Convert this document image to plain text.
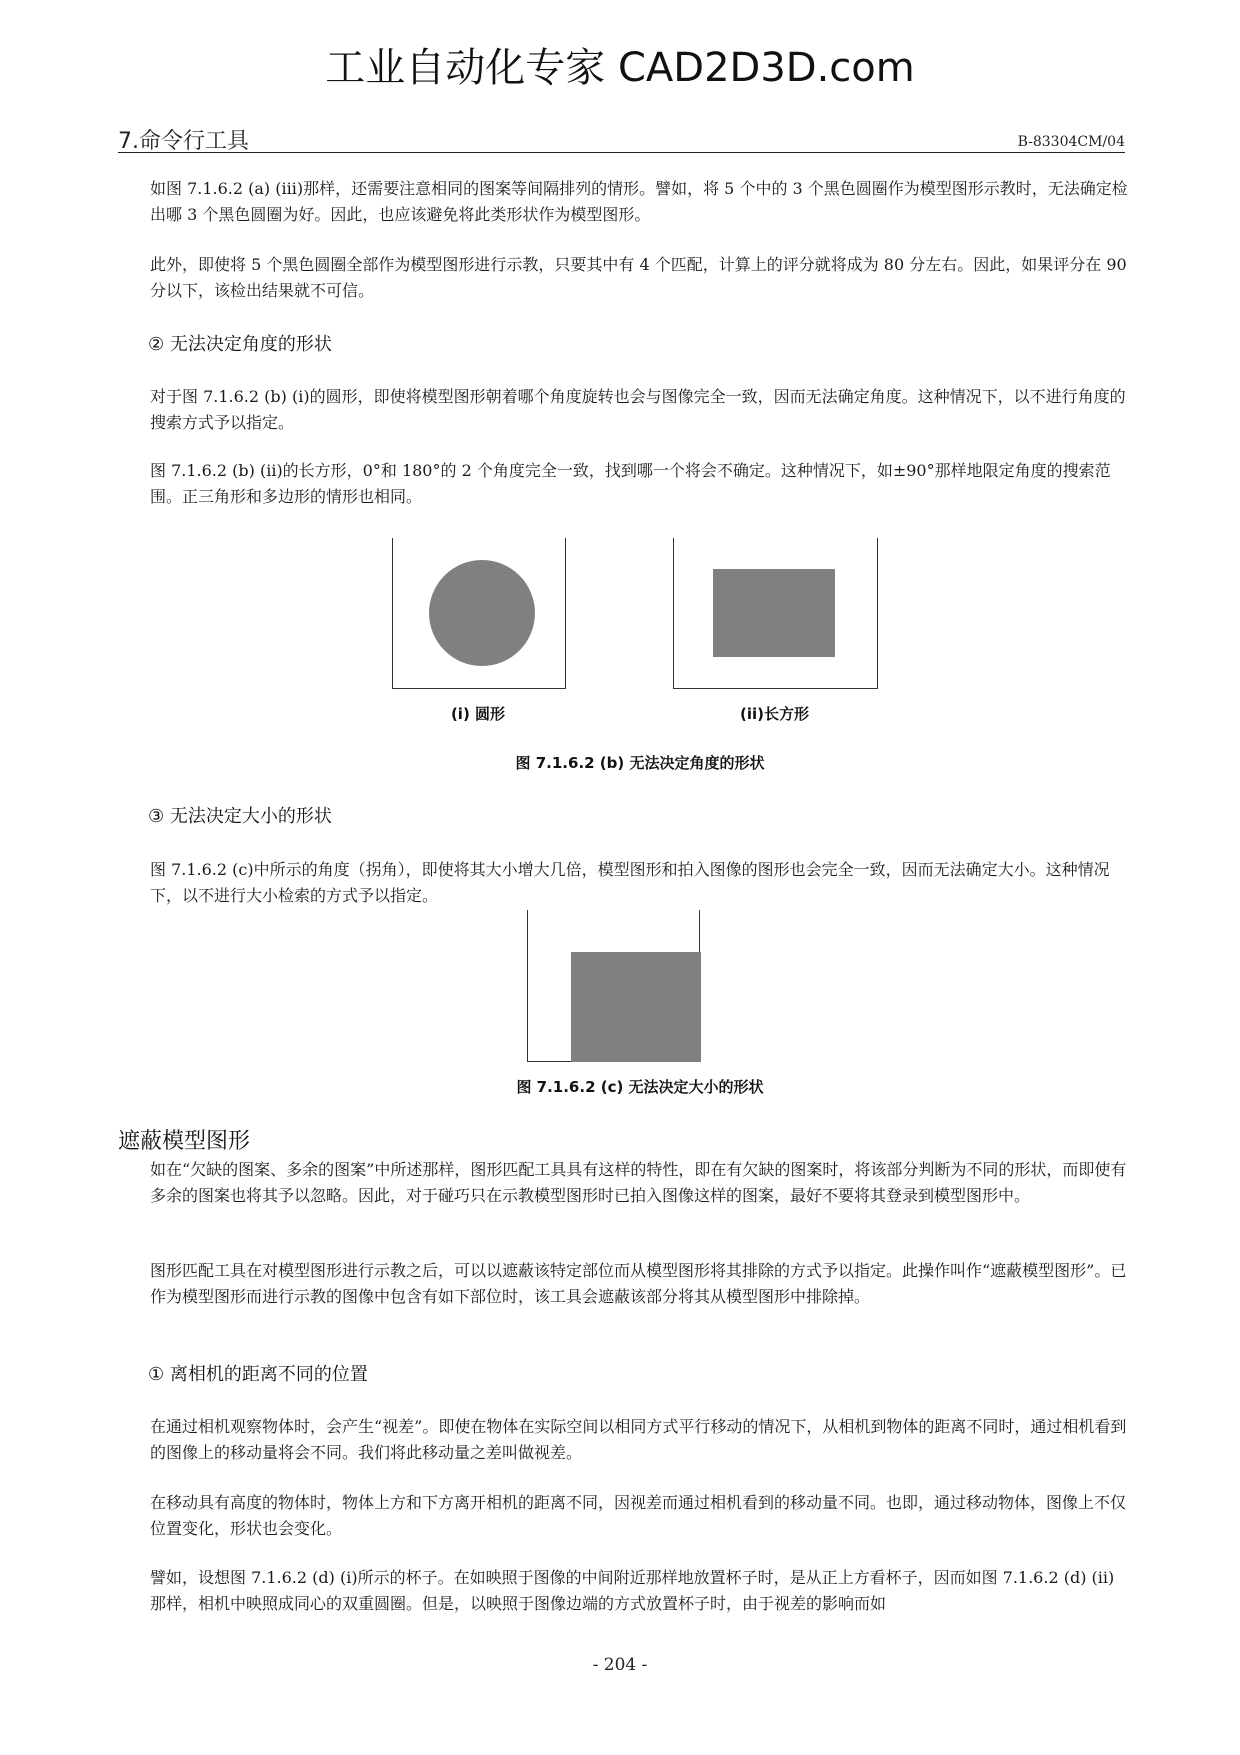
工业自动化专家 CAD2D3D.com
7.命令行工具	B-83304CM/04
如图 7.1.6.2 (a) (iii)那样，还需要注意相同的图案等间隔排列的情形。譬如，将 5 个中的 3 个黑色圆圈作为模型图形示教时，无法确定检出哪 3 个黑色圆圈为好。因此，也应该避免将此类形状作为模型图形。
此外，即使将 5 个黑色圆圈全部作为模型图形进行示教，只要其中有 4 个匹配，计算上的评分就将成为 80 分左右。因此，如果评分在 90 分以下，该检出结果就不可信。
② 无法决定角度的形状
对于图 7.1.6.2 (b) (i)的圆形，即使将模型图形朝着哪个角度旋转也会与图像完全一致，因而无法确定角度。这种情况下，以不进行角度的搜索方式予以指定。
图 7.1.6.2 (b) (ii)的长方形，0°和 180°的 2 个角度完全一致，找到哪一个将会不确定。这种情况下，如±90°那样地限定角度的搜索范围。正三角形和多边形的情形也相同。
(i) 圆形	(ii)长方形
图 7.1.6.2 (b) 无法决定角度的形状
③ 无法决定大小的形状
图 7.1.6.2 (c)中所示的角度（拐角），即使将其大小增大几倍，模型图形和拍入图像的图形也会完全一致，因而无法确定大小。这种情况下，以不进行大小检索的方式予以指定。
图 7.1.6.2 (c) 无法决定大小的形状
遮蔽模型图形
如在“欠缺的图案、多余的图案”中所述那样，图形匹配工具具有这样的特性，即在有欠缺的图案时，将该部分判断为不同的形状，而即使有多余的图案也将其予以忽略。因此，对于碰巧只在示教模型图形时已拍入图像这样的图案，最好不要将其登录到模型图形中。
图形匹配工具在对模型图形进行示教之后，可以以遮蔽该特定部位而从模型图形将其排除的方式予以指定。此操作叫作“遮蔽模型图形”。已作为模型图形而进行示教的图像中包含有如下部位时，该工具会遮蔽该部分将其从模型图形中排除掉。
① 离相机的距离不同的位置
在通过相机观察物体时，会产生“视差”。即使在物体在实际空间以相同方式平行移动的情况下，从相机到物体的距离不同时，通过相机看到的图像上的移动量将会不同。我们将此移动量之差叫做视差。
在移动具有高度的物体时，物体上方和下方离开相机的距离不同，因视差而通过相机看到的移动量不同。也即，通过移动物体，图像上不仅位置变化，形状也会变化。
譬如，设想图 7.1.6.2 (d) (i)所示的杯子。在如映照于图像的中间附近那样地放置杯子时，是从正上方看杯子，因而如图 7.1.6.2 (d) (ii)那样，相机中映照成同心的双重圆圈。但是，以映照于图像边端的方式放置杯子时，由于视差的影响而如
- 204 -
